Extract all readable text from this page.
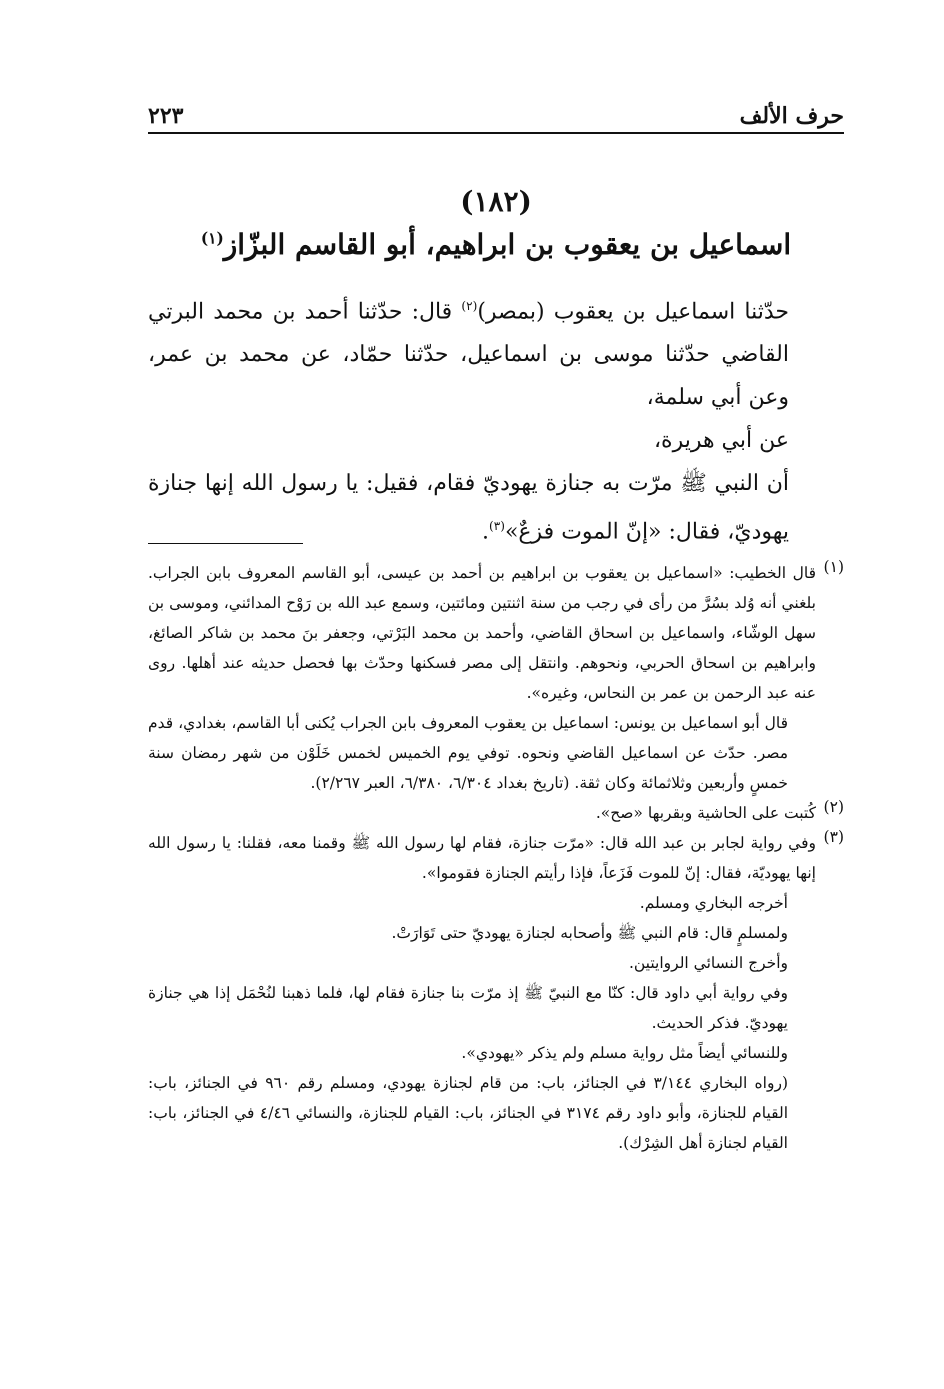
حرف الألف
٢٢٣
(١٨٢)
اسماعيل بن يعقوب بن ابراهيم، أبو القاسم البزّاز$^{(١)}$

حدّثنا اسماعيل بن يعقوب (بمصر)$^{(٢)}$ قال: حدّثنا أحمد بن محمد البرتي القاضي حدّثنا موسى بن اسماعيل، حدّثنا حمّاد، عن محمد بن عمر، وعن أبي سلمة،

عن أبي هريرة،

أن النبي ﷺ مرّت به جنازة يهوديّ فقام، فقيل: يا رسول الله إنها جنازة يهوديّ، فقال: «إنّ الموت فزعٌ»$^{(٣)}$.

(١)

قال الخطيب: «اسماعيل بن يعقوب بن ابراهيم بن أحمد بن عيسى، أبو القاسم المعروف بابن الجراب. بلغني أنه وُلد بسُرَّ من رأى في رجب من سنة اثنتين ومائتين، وسمع عبد الله بن رَوْح المدائني، وموسى بن سهل الوشّاء، واسماعيل بن اسحاق القاضي، وأحمد بن محمد البَرْتي، وجعفر بنَ محمد بن شاكر الصائغ، وابراهيم بن اسحاق الحربي، ونحوهم. وانتقل إلى مصر فسكنها وحدّث بها فحصل حديثه عند أهلها. روى عنه عبد الرحمن بن عمر بن النحاس، وغيره».

قال أبو اسماعيل بن يونس: اسماعيل بن يعقوب المعروف بابن الجراب يُكنى أبا القاسم، بغدادي، قدم مصر. حدّث عن اسماعيل القاضي ونحوه. توفي يوم الخميس لخمس خَلَوْن من شهر رمضان سنة خمسٍ وأربعين وثلاثمائة وكان ثقة. (تاريخ بغداد ٦/٣٠٤، ٦/٣٨٠، العبر ٢/٢٦٧).

(٢)

كُتبت على الحاشية وبقربها «صح».

(٣)

وفي رواية لجابر بن عبد الله قال: «مرّت جنازة، فقام لها رسول الله ﷺ وقمنا معه، فقلنا: يا رسول الله إنها يهوديّة، فقال: إنّ للموت فَزَعاً، فإذا رأيتم الجنازة فقوموا».

أخرجه البخاري ومسلم.

ولمسلمٍ قال: قام النبي ﷺ وأصحابه لجنازة يهوديّ حتى تَوَارَتْ.

وأخرج النسائي الروايتين.

وفي رواية أبي داود قال: كنّا مع النبيّ ﷺ إذ مرّت بنا جنازة فقام لها، فلما ذهبنا لنُحْمَل إذا هي جنازة يهوديّ. فذكر الحديث.

وللنسائي أيضاً مثل رواية مسلم ولم يذكر «يهودي».

(رواه البخاري ٣/١٤٤ في الجنائز، باب: من قام لجنازة يهودي، ومسلم رقم ٩٦٠ في الجنائز، باب: القيام للجنازة، وأبو داود رقم ٣١٧٤ في الجنائز، باب: القيام للجنازة، والنسائي ٤/٤٦ في الجنائز، باب: القيام لجنازة أهل الشِرْك).
